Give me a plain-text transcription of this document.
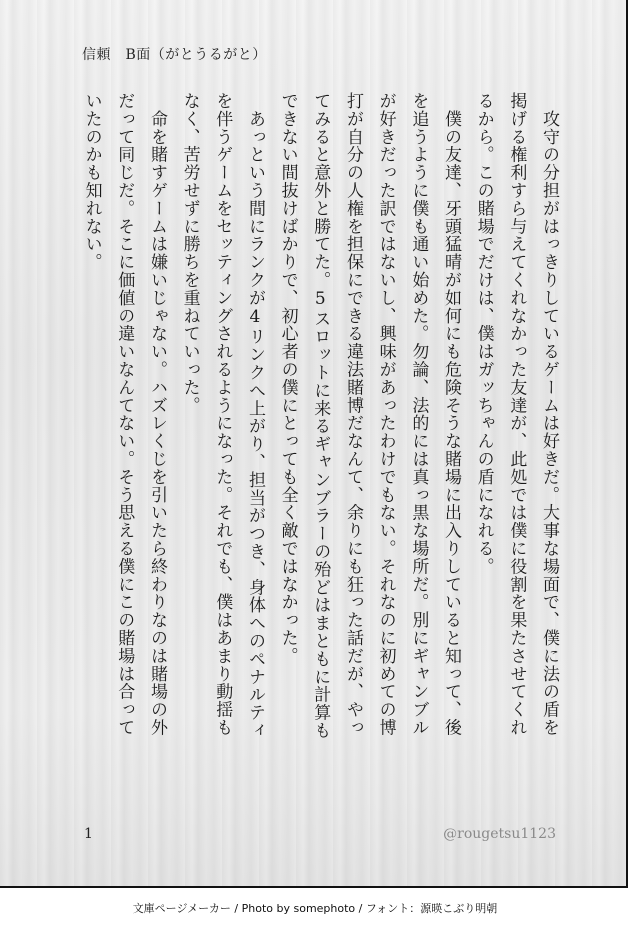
信頼　B面（がとうるがと）
　攻守の分担がはっきりしているゲームは好きだ。大事な場面で、僕に法の盾を
掲げる権利すら与えてくれなかった友達が、此処では僕に役割を果たさせてくれ
るから。この賭場でだけは、僕はガッちゃんの盾になれる。
　僕の友達、牙頭猛晴が如何にも危険そうな賭場に出入りしていると知って、後
を追うように僕も通い始めた。勿論、法的には真っ黒な場所だ。別にギャンブル
が好きだった訳ではないし、興味があったわけでもない。それなのに初めての博
打が自分の人権を担保にできる違法賭博だなんて、余りにも狂った話だが、やっ
てみると意外と勝てた。5スロットに来るギャンブラーの殆どはまともに計算も
できない間抜けばかりで、初心者の僕にとっても全く敵ではなかった。
　あっという間にランクが4リンクへ上がり、担当がつき、身体へのペナルティ
を伴うゲームをセッティングされるようになった。それでも、僕はあまり動揺も
なく、苦労せずに勝ちを重ねていった。
　命を賭すゲームは嫌いじゃない。ハズレくじを引いたら終わりなのは賭場の外
だって同じだ。そこに価値の違いなんてない。そう思える僕にこの賭場は合って
いたのかも知れない。
1	@rougetsu1123
文庫ページメーカー / Photo by somephoto / フォント：源暎こぶり明朝
